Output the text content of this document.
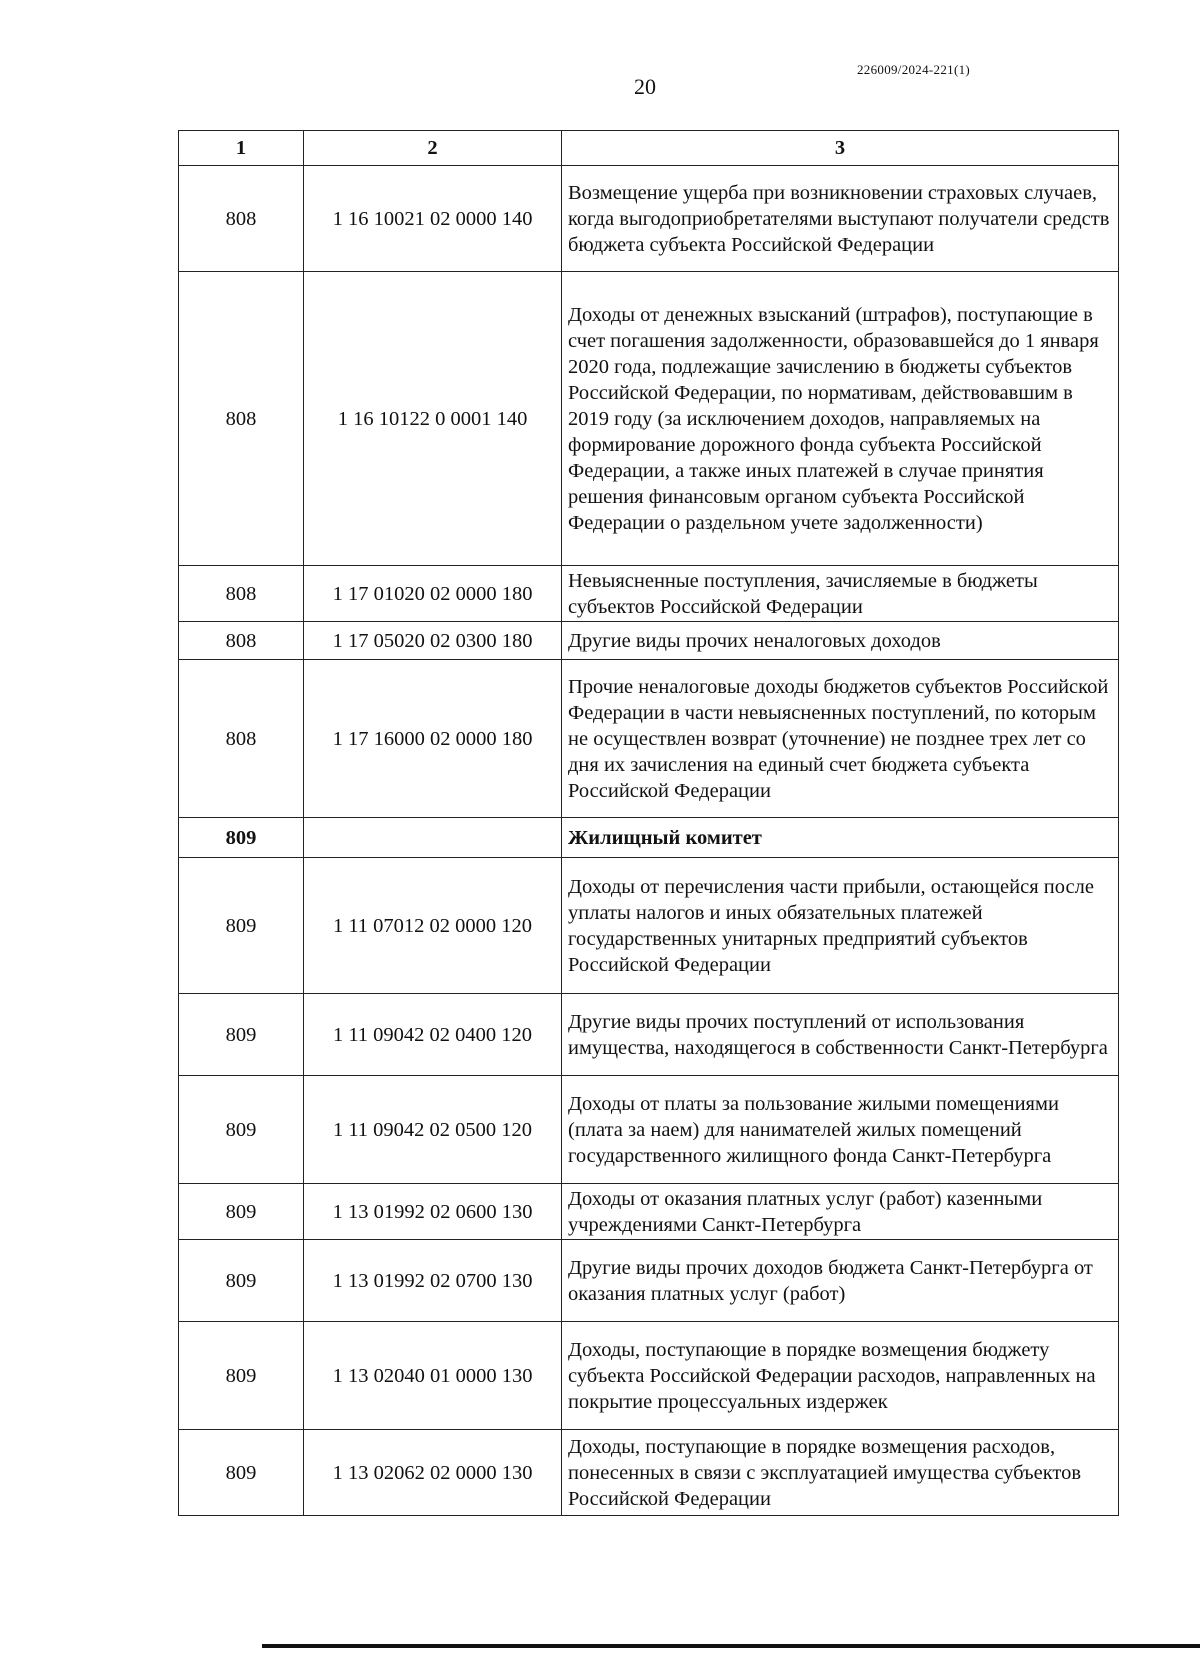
226009/2024-221(1)
20
1	2	3
808	1 16 10021 02 0000 140	Возмещение ущерба при возникновении страховых случаев, когда выгодоприобретателями выступают получатели средств бюджета субъекта Российской Федерации
808	1 16 10122 0 0001 140	Доходы от денежных взысканий (штрафов), поступающие в счет погашения задолженности, образовавшейся до 1 января 2020 года, подлежащие зачислению в бюджеты субъектов Российской Федерации, по нормативам, действовавшим в 2019 году (за исключением доходов, направляемых на формирование дорожного фонда субъекта Российской Федерации, а также иных платежей в случае принятия решения финансовым органом субъекта Российской Федерации о раздельном учете задолженности)
808	1 17 01020 02 0000 180	Невыясненные поступления, зачисляемые в бюджеты субъектов Российской Федерации
808	1 17 05020 02 0300 180	Другие виды прочих неналоговых доходов
808	1 17 16000 02 0000 180	Прочие неналоговые доходы бюджетов субъектов Российской Федерации в части невыясненных поступлений, по которым не осуществлен возврат (уточнение) не позднее трех лет со дня их зачисления на единый счет бюджета субъекта Российской Федерации
809		Жилищный комитет
809	1 11 07012 02 0000 120	Доходы от перечисления части прибыли, остающейся после уплаты налогов и иных обязательных платежей государственных унитарных предприятий субъектов Российской Федерации
809	1 11 09042 02 0400 120	Другие виды прочих поступлений от использования имущества, находящегося в собственности Санкт-Петербурга
809	1 11 09042 02 0500 120	Доходы от платы за пользование жилыми помещениями (плата за наем) для нанимателей жилых помещений государственного жилищного фонда Санкт-Петербурга
809	1 13 01992 02 0600 130	Доходы от оказания платных услуг (работ) казенными учреждениями Санкт-Петербурга
809	1 13 01992 02 0700 130	Другие виды прочих доходов бюджета Санкт-Петербурга от оказания платных услуг (работ)
809	1 13 02040 01 0000 130	Доходы, поступающие в порядке возмещения бюджету субъекта Российской Федерации расходов, направленных на покрытие процессуальных издержек
809	1 13 02062 02 0000 130	Доходы, поступающие в порядке возмещения расходов, понесенных в связи с эксплуатацией имущества субъектов Российской Федерации
